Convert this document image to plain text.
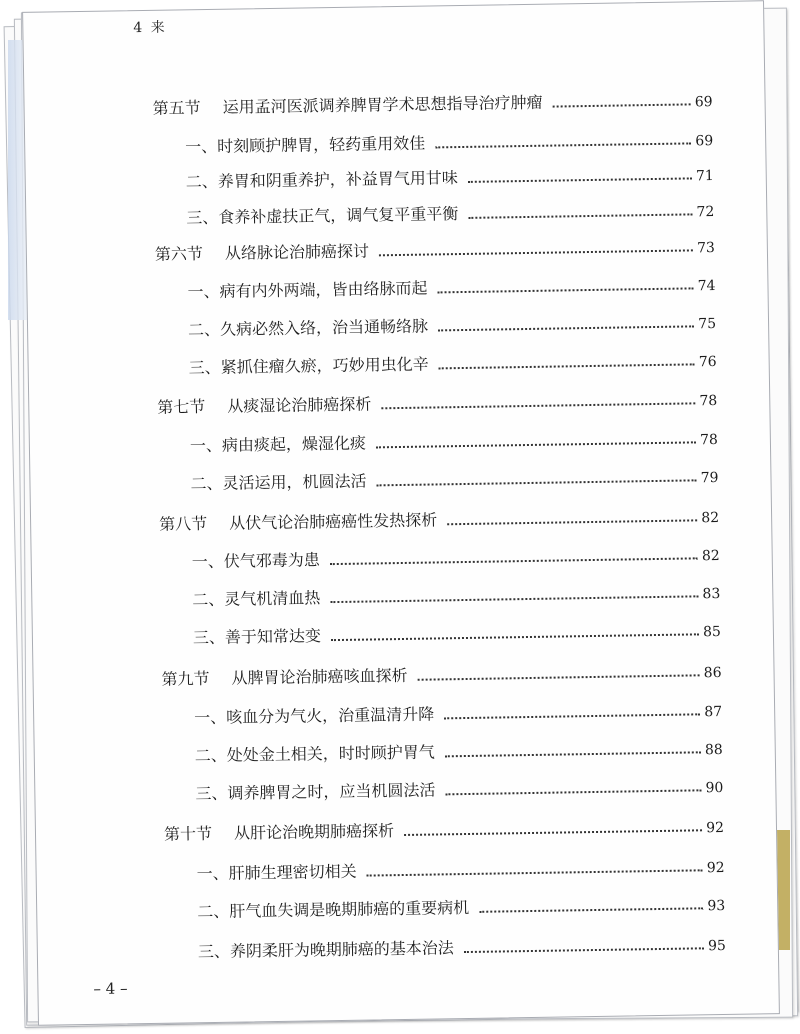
4 来
第五节 运用孟河医派调养脾胃学术思想指导治疗肿瘤	69
一、时刻顾护脾胃，轻药重用效佳	69
二、养胃和阴重养护，补益胃气用甘味	71
三、食养补虚扶正气，调气复平重平衡	72
第六节 从络脉论治肺癌探讨	73
一、病有内外两端，皆由络脉而起	74
二、久病必然入络，治当通畅络脉	75
三、紧抓住瘤久瘀，巧妙用虫化辛	76
第七节 从痰湿论治肺癌探析	78
一、病由痰起，燥湿化痰	78
二、灵活运用，机圆法活	79
第八节 从伏气论治肺癌癌性发热探析	82
一、伏气邪毒为患	82
二、灵气机清血热	83
三、善于知常达变	85
第九节 从脾胃论治肺癌咳血探析	86
一、咳血分为气火，治重温清升降	87
二、处处金土相关，时时顾护胃气	88
三、调养脾胃之时，应当机圆法活	90
第十节 从肝论治晚期肺癌探析	92
一、肝肺生理密切相关	92
二、肝气血失调是晚期肺癌的重要病机	93
三、养阴柔肝为晚期肺癌的基本治法	95
– 4 –
